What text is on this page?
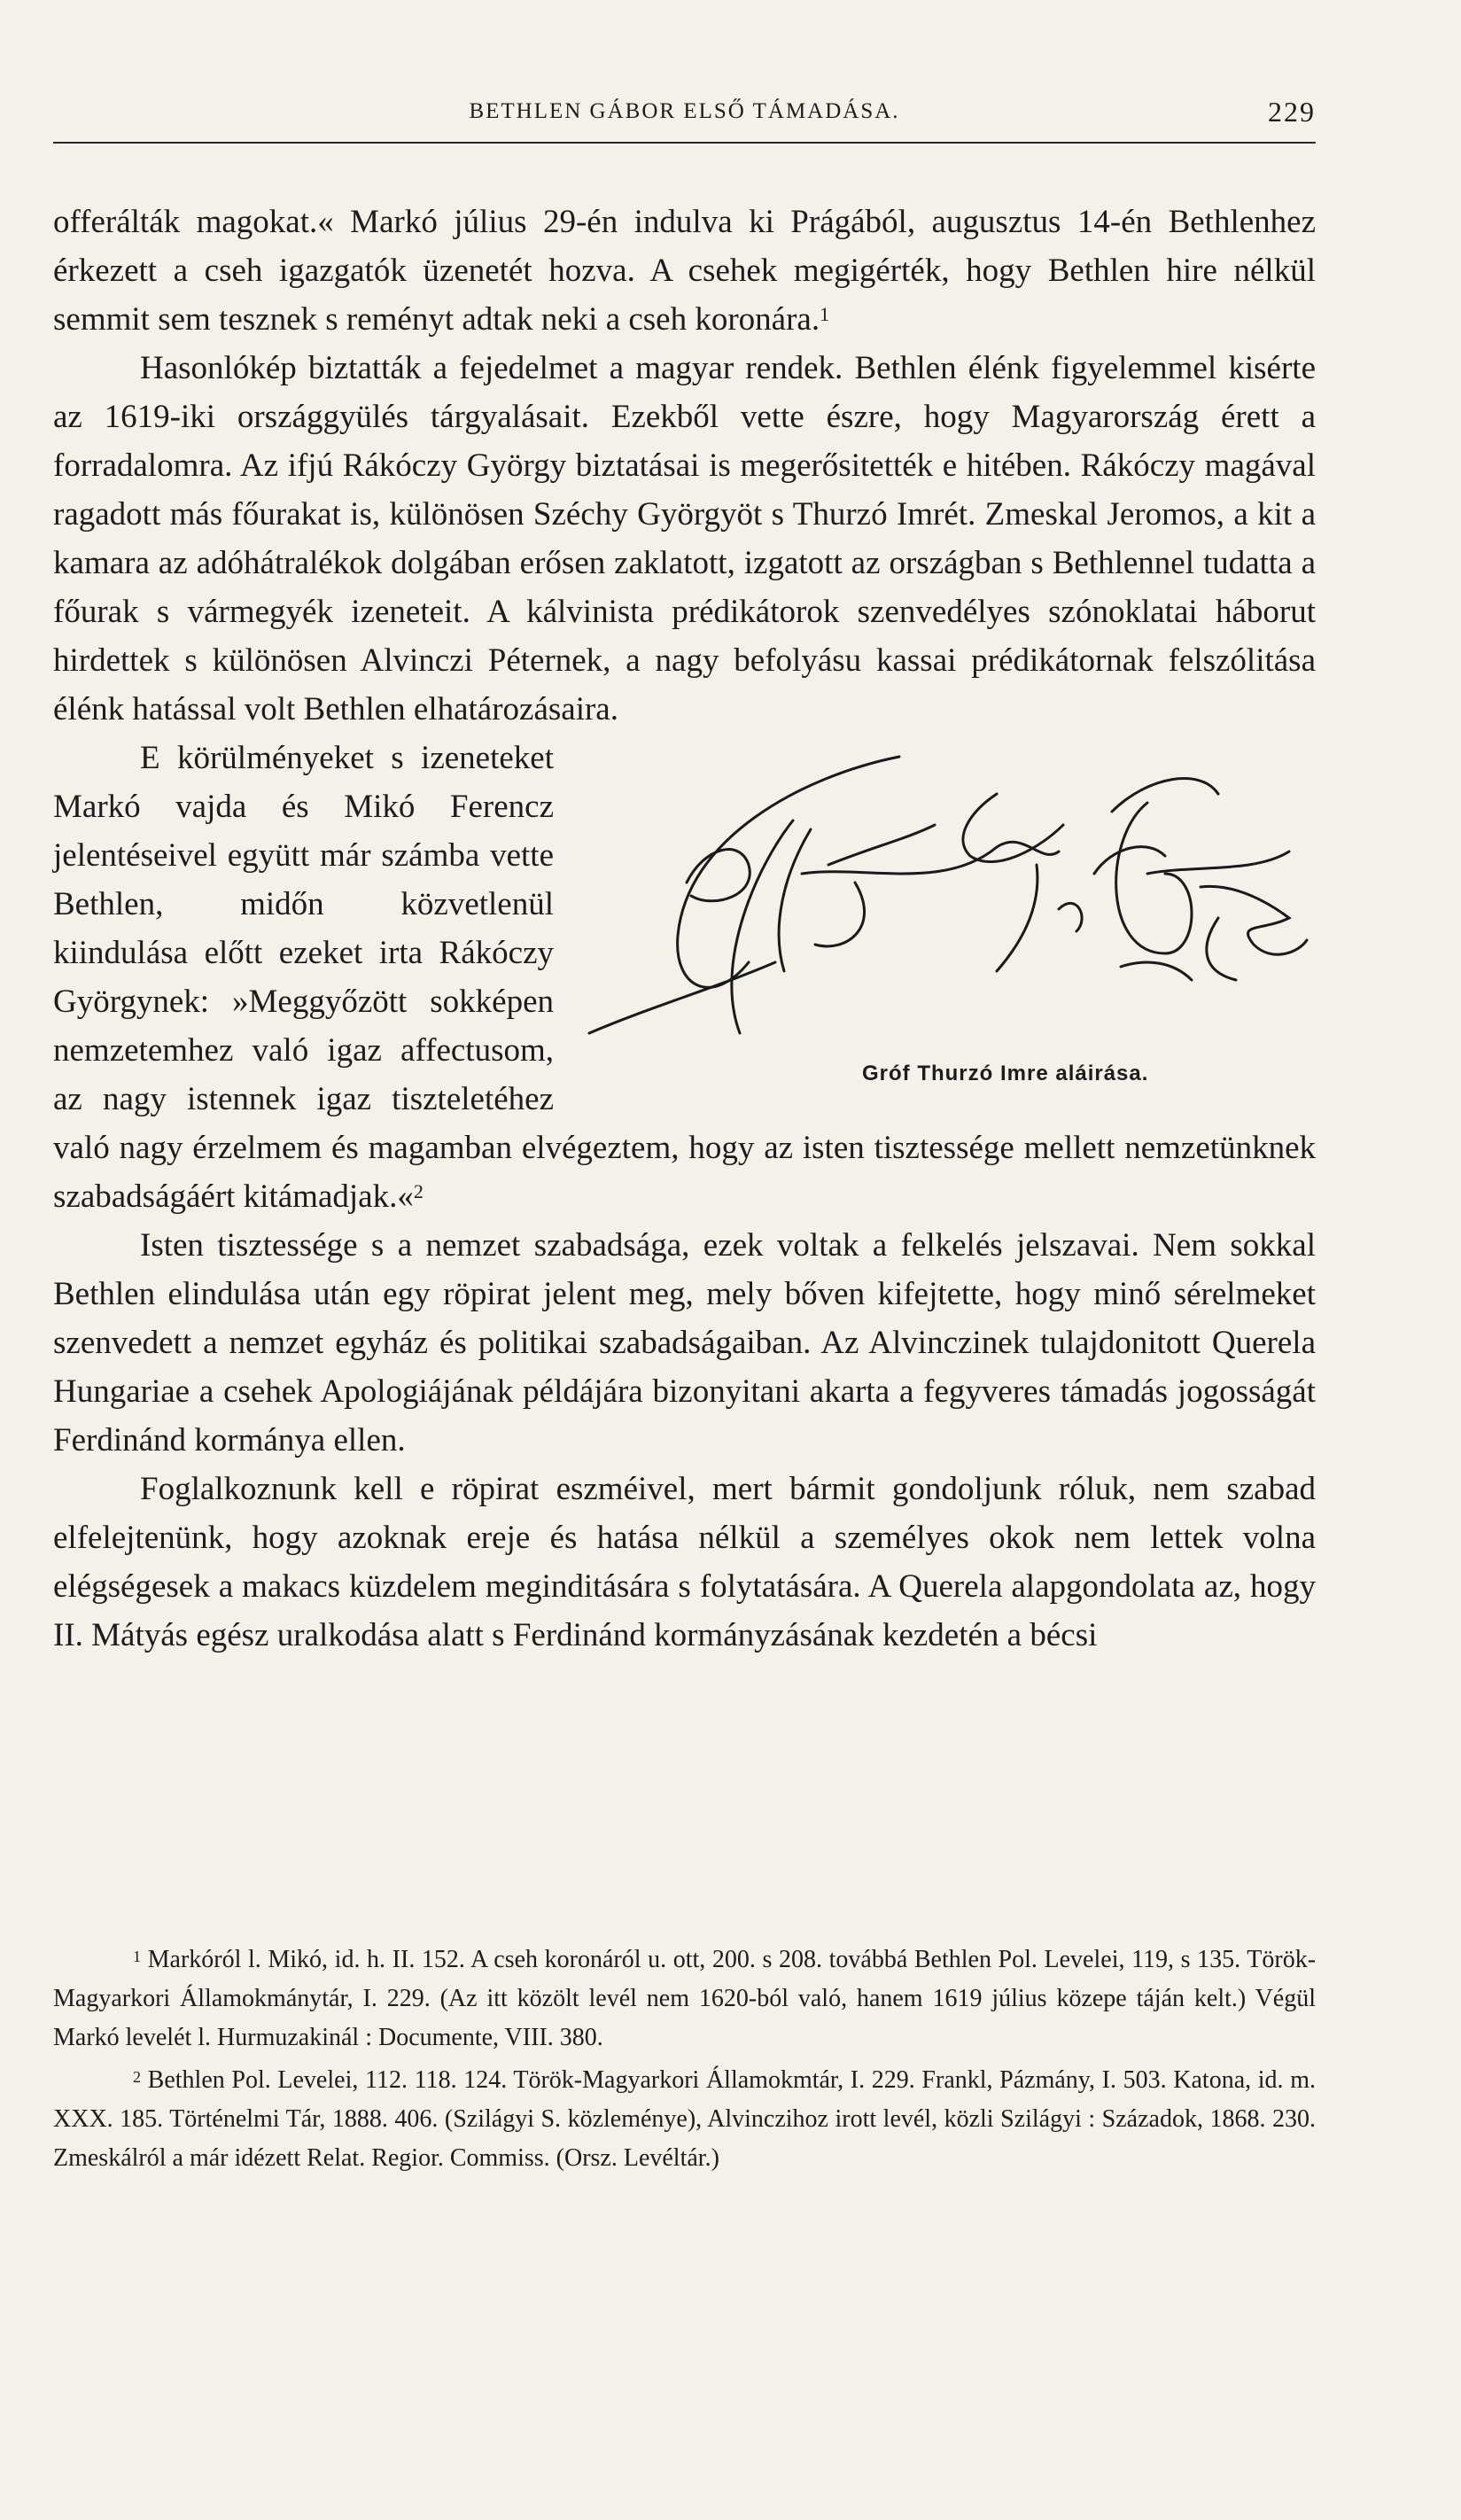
BETHLEN GÁBOR ELSŐ TÁMADÁSA.	229

offerálták magokat.« Markó július 29-én indulva ki Prágából, augusztus 14-én Bethlenhez érkezett a cseh igazgatók üzenetét hozva. A csehek megigérték, hogy Bethlen hire nélkül semmit sem tesznek s reményt adtak neki a cseh koronára.$^1$

Hasonlókép biztatták a fejedelmet a magyar rendek. Bethlen élénk figyelemmel kisérte az 1619-iki országgyülés tárgyalásait. Ezekből vette észre, hogy Magyarország érett a forradalomra. Az ifjú Rákóczy György biztatásai is megerősitették e hitében. Rákóczy magával ragadott más főurakat is, különösen Széchy Györgyöt s Thurzó Imrét. Zmeskal Jeromos, a kit a kamara az adóhátralékok dolgában erősen zaklatott, izgatott az országban s Bethlennel tudatta a főurak s vármegyék izeneteit. A kálvinista prédikátorok szenvedélyes szónoklatai háborut hirdettek s különösen Alvinczi Péternek, a nagy befolyásu kassai prédikátornak felszólitása élénk hatással volt Bethlen elhatározásaira.

Gróf Thurzó Imre aláirása.
E körülményeket s izeneteket Markó vajda és Mikó Ferencz jelentéseivel együtt már számba vette Bethlen, midőn közvetlenül kiindulása előtt ezeket irta Rákóczy Györgynek: »Meggyőzött sokképen nemzetemhez való igaz affectusom, az nagy istennek igaz tiszteletéhez való nagy érzelmem és magamban elvégeztem, hogy az isten tisztessége mellett nemzetünknek szabadságáért kitámadjak.«$^2$

Isten tisztessége s a nemzet szabadsága, ezek voltak a felkelés jelszavai. Nem sokkal Bethlen elindulása után egy röpirat jelent meg, mely bőven kifejtette, hogy minő sérelmeket szenvedett a nemzet egyház és politikai szabadságaiban. Az Alvinczinek tulajdonitott Querela Hungariae a csehek Apologiájának példájára bizonyitani akarta a fegyveres támadás jogosságát Ferdinánd kormánya ellen.

Foglalkoznunk kell e röpirat eszméivel, mert bármit gondoljunk róluk, nem szabad elfelejtenünk, hogy azoknak ereje és hatása nélkül a személyes okok nem lettek volna elégségesek a makacs küzdelem meginditására s folytatására. A Querela alapgondolata az, hogy II. Mátyás egész uralkodása alatt s Ferdinánd kormányzásának kezdetén a bécsi

$^1$ Markóról l. Mikó, id. h. II. 152. A cseh koronáról u. ott, 200. s 208. továbbá Bethlen Pol. Levelei, 119, s 135. Török-Magyarkori Államokmánytár, I. 229. (Az itt közölt levél nem 1620-ból való, hanem 1619 július közepe táján kelt.) Végül Markó levelét l. Hurmuzakinál : Documente, VIII. 380.

$^2$ Bethlen Pol. Levelei, 112. 118. 124. Török-Magyarkori Államokmtár, I. 229. Frankl, Pázmány, I. 503. Katona, id. m. XXX. 185. Történelmi Tár, 1888. 406. (Szilágyi S. közleménye), Alvinczihoz irott levél, közli Szilágyi : Századok, 1868. 230. Zmeskálról a már idézett Relat. Regior. Commiss. (Orsz. Levéltár.)
